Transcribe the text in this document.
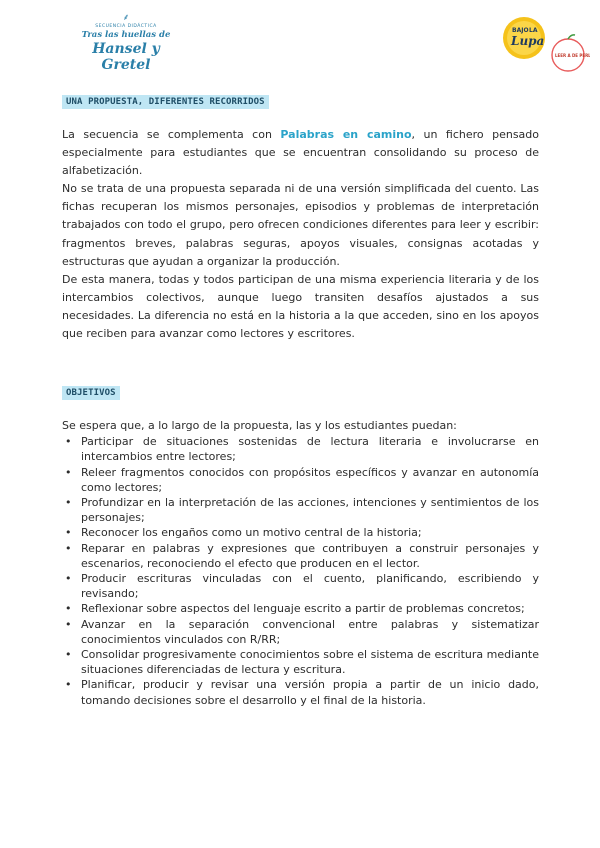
⸙
SECUENCIA DIDÁCTICA
Tras las huellas de
Hansel y Gretel
BAJO LA
Lupa
LEER A DE PERLA
UNA PROPUESTA, DIFERENTES RECORRIDOS

La secuencia se complementa con Palabras en camino, un fichero pensado especialmente para estudiantes que se encuentran consolidando su proceso de alfabetización.

No se trata de una propuesta separada ni de una versión simplificada del cuento. Las fichas recuperan los mismos personajes, episodios y problemas de interpretación trabajados con todo el grupo, pero ofrecen condiciones diferentes para leer y escribir: fragmentos breves, palabras seguras, apoyos visuales, consignas acotadas y estructuras que ayudan a organizar la producción.

De esta manera, todas y todos participan de una misma experiencia literaria y de los intercambios colectivos, aunque luego transiten desafíos ajustados a sus necesidades. La diferencia no está en la historia a la que acceden, sino en los apoyos que reciben para avanzar como lectores y escritores.

OBJETIVOS

Se espera que, a lo largo de la propuesta, las y los estudiantes puedan:

• Participar de situaciones sostenidas de lectura literaria e involucrarse en intercambios entre lectores;
• Releer fragmentos conocidos con propósitos específicos y avanzar en autonomía como lectores;
• Profundizar en la interpretación de las acciones, intenciones y sentimientos de los personajes;
• Reconocer los engaños como un motivo central de la historia;
• Reparar en palabras y expresiones que contribuyen a construir personajes y escenarios, reconociendo el efecto que producen en el lector.
• Producir escrituras vinculadas con el cuento, planificando, escribiendo y revisando;
• Reflexionar sobre aspectos del lenguaje escrito a partir de problemas concretos;
• Avanzar en la separación convencional entre palabras y sistematizar conocimientos vinculados con R/RR;
• Consolidar progresivamente conocimientos sobre el sistema de escritura mediante situaciones diferenciadas de lectura y escritura.
• Planificar, producir y revisar una versión propia a partir de un inicio dado, tomando decisiones sobre el desarrollo y el final de la historia.
